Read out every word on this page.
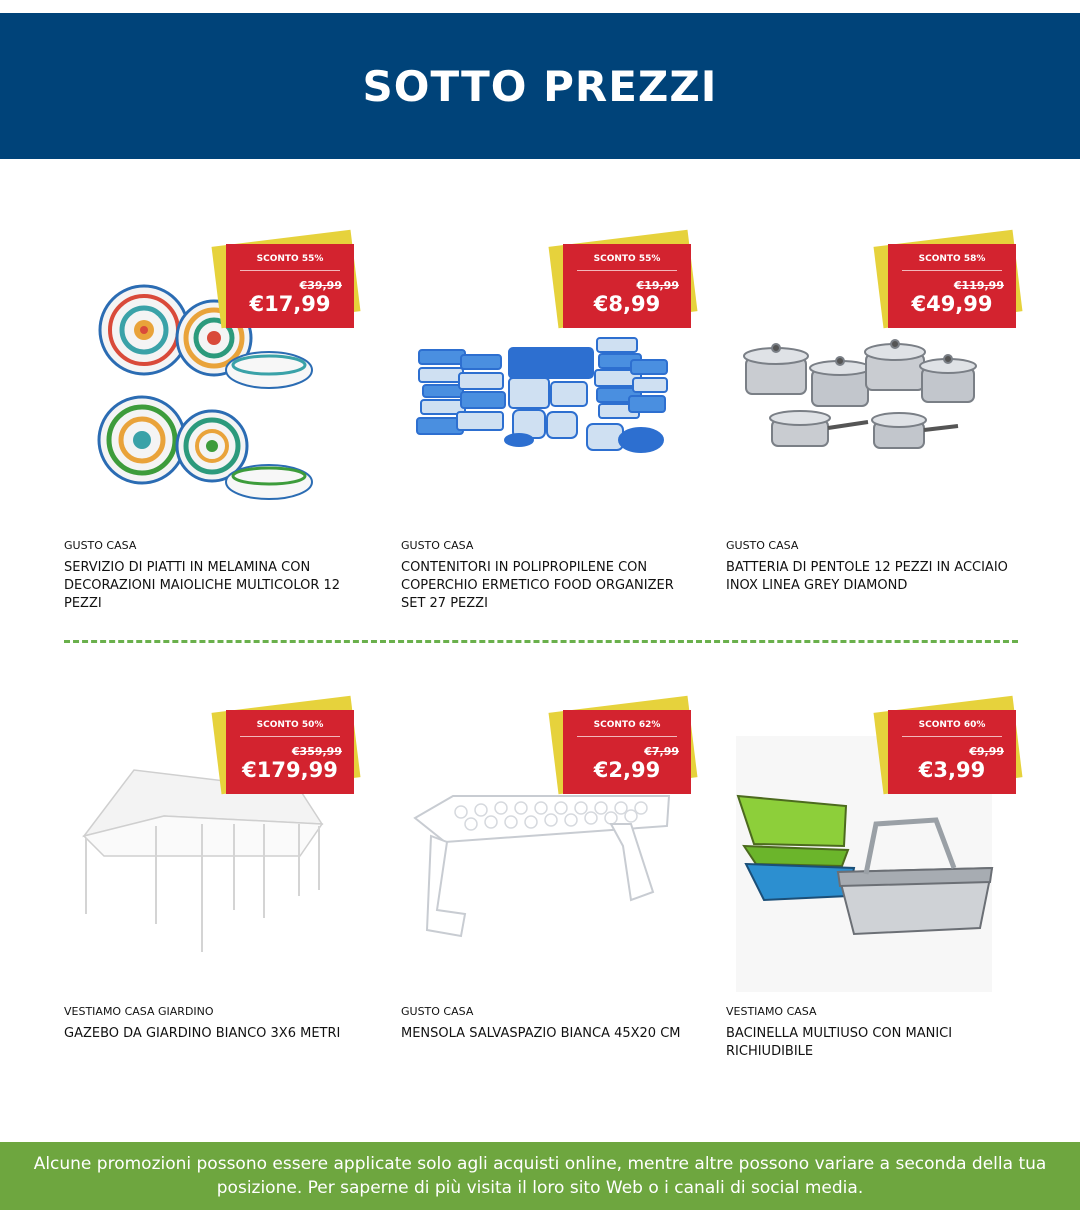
SOTTO PREZZI
SCONTO 55%
€39,99
€17,99
GUSTO CASA
SERVIZIO DI PIATTI IN MELAMINA CON DECORAZIONI MAIOLICHE MULTICOLOR 12 PEZZI
SCONTO 55%
€19,99
€8,99
GUSTO CASA
CONTENITORI IN POLIPROPILENE CON COPERCHIO ERMETICO FOOD ORGANIZER SET 27 PEZZI
SCONTO 58%
€119,99
€49,99
GUSTO CASA
BATTERIA DI PENTOLE 12 PEZZI IN ACCIAIO INOX LINEA GREY DIAMOND
SCONTO 50%
€359,99
€179,99
VESTIAMO CASA GIARDINO
GAZEBO DA GIARDINO BIANCO 3X6 METRI
SCONTO 62%
€7,99
€2,99
GUSTO CASA
MENSOLA SALVASPAZIO BIANCA 45X20 CM
SCONTO 60%
€9,99
€3,99
VESTIAMO CASA
BACINELLA MULTIUSO CON MANICI RICHIUDIBILE
Alcune promozioni possono essere applicate solo agli acquisti online, mentre altre possono variare a seconda della tua posizione. Per saperne di più visita il loro sito Web o i canali di social media.
